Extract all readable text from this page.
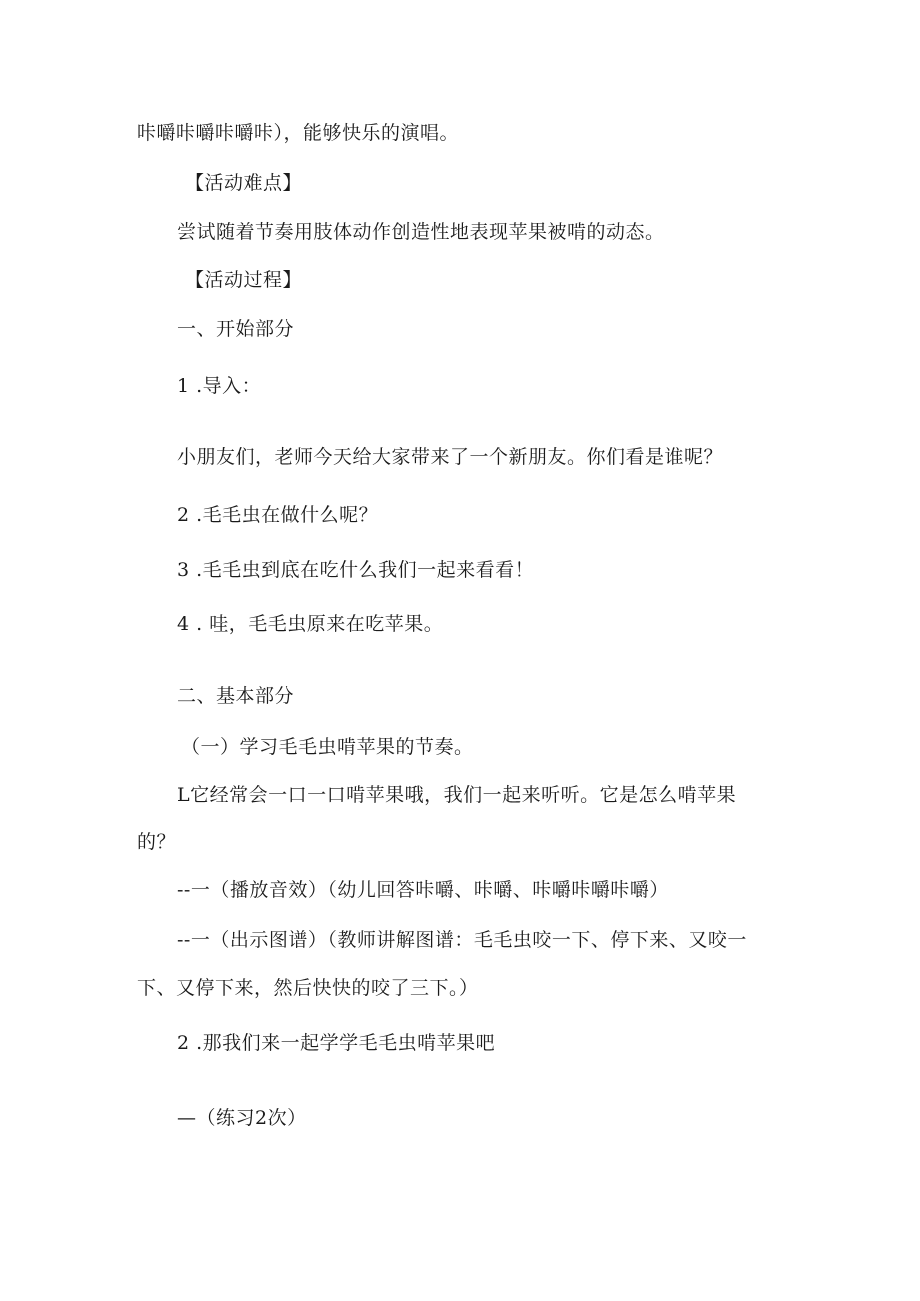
咔嚼咔嚼咔嚼咔），能够快乐的演唱。
【活动难点】
尝试随着节奏用肢体动作创造性地表现苹果被啃的动态。
【活动过程】
一、开始部分
1 .导入：
小朋友们，老师今天给大家带来了一个新朋友。你们看是谁呢？
2 .毛毛虫在做什么呢？
3 .毛毛虫到底在吃什么我们一起来看看！
4 . 哇，毛毛虫原来在吃苹果。
二、基本部分
（一）学习毛毛虫啃苹果的节奏。
L它经常会一口一口啃苹果哦，我们一起来听听。它是怎么啃苹果
的？
--一（播放音效）（幼儿回答咔嚼、咔嚼、咔嚼咔嚼咔嚼）
--一（出示图谱）（教师讲解图谱：毛毛虫咬一下、停下来、又咬一
下、又停下来，然后快快的咬了三下。）
2 .那我们来一起学学毛毛虫啃苹果吧
—（练习2次）
